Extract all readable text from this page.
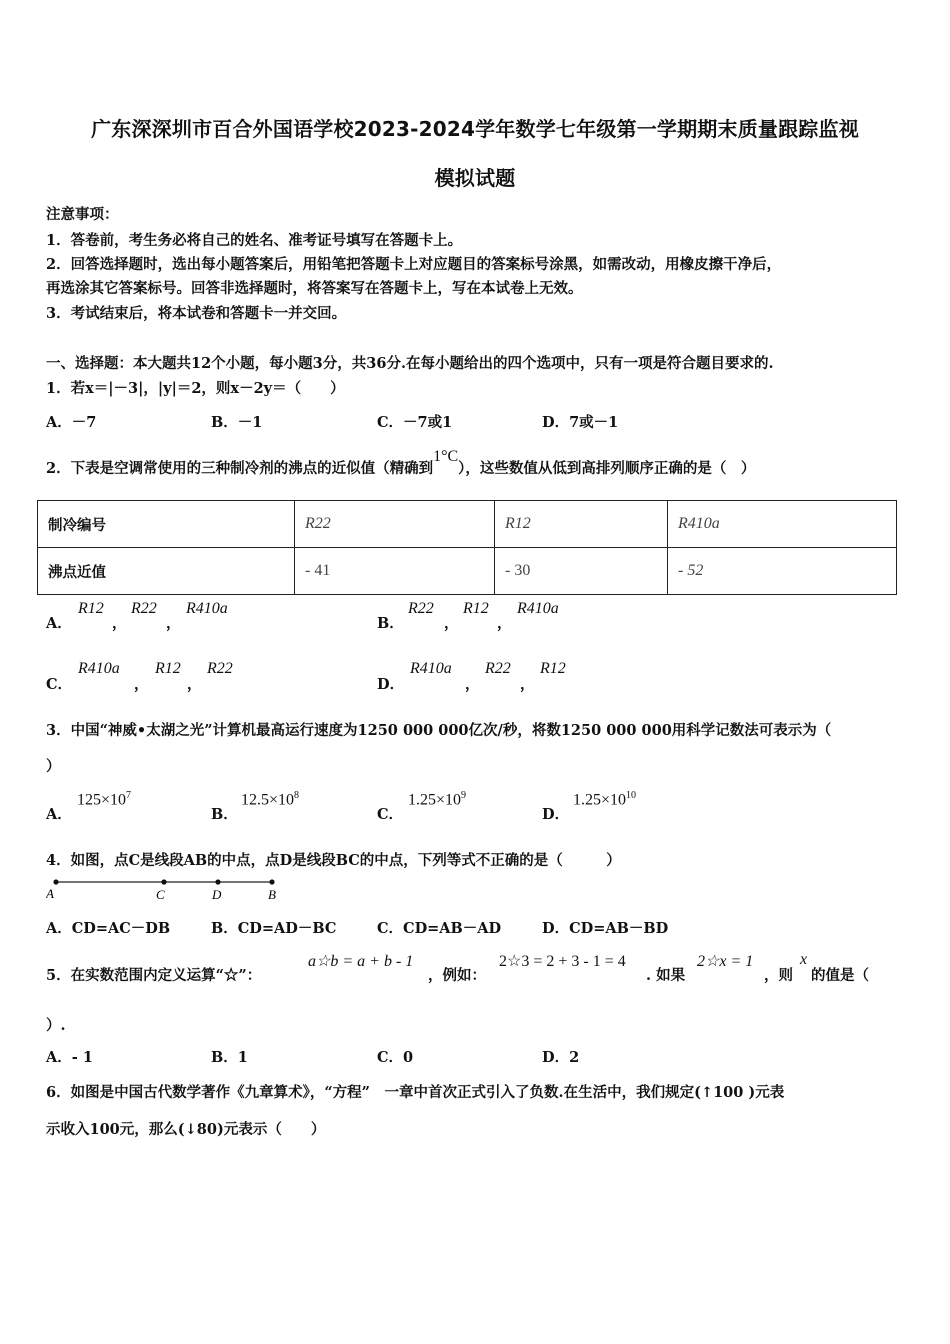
广东深深圳市百合外国语学校2023-2024学年数学七年级第一学期期末质量跟踪监视
模拟试题
注意事项：
1．答卷前，考生务必将自己的姓名、准考证号填写在答题卡上。
2．回答选择题时，选出每小题答案后，用铅笔把答题卡上对应题目的答案标号涂黑，如需改动，用橡皮擦干净后，
再选涂其它答案标号。回答非选择题时，将答案写在答题卡上，写在本试卷上无效。
3．考试结束后，将本试卷和答题卡一并交回。
一、选择题：本大题共12个小题，每小题3分，共36分.在每小题给出的四个选项中，只有一项是符合题目要求的.
1．若x＝|－3|，|y|＝2，则x－2y＝（　　）
A．－7	B．－1	C．－7或1	D．7或－1
2．下表是空调常使用的三种制冷剂的沸点的近似值（精确到1°C），这些数值从低到高排列顺序正确的是（　）
制冷编号	R22	R12	R410a
沸点近值	- 41	- 30	- 52
A．
R12
，
R22
，
R410a
B．
R22
，
R12
，
R410a
C．
R410a
，
R12
，
R22
D．
R410a
，
R22
，
R12
3．中国“神威•太湖之光”计算机最高运行速度为1250 000 000亿次/秒，将数1250 000 000用科学记数法可表示为（
）
A．
$125\times 10^7$
B．
$12.5\times 10^8$
C．
$1.25\times 10^9$
D．
$1.25\times 10^{10}$
4．如图，点C是线段AB的中点，点D是线段BC的中点，下列等式不正确的是（　　　）
A	C	D	B
A．CD=AC－DB	B．CD=AD－BC	C．CD=AB－AD	D．CD=AB－BD
5．在实数范围内定义运算“☆”：
a☆b = a + b - 1
，例如：
2☆3 = 2 + 3 - 1 = 4
. 如果
2☆x = 1
，则
x
的值是（
）.
A．- 1	B．1	C．0	D．2
6．如图是中国古代数学著作《九章算术》，“方程”　一章中首次正式引入了负数.在生活中，我们规定(↑100 )元表
示收入100元，那么(↓80)元表示（　　）
